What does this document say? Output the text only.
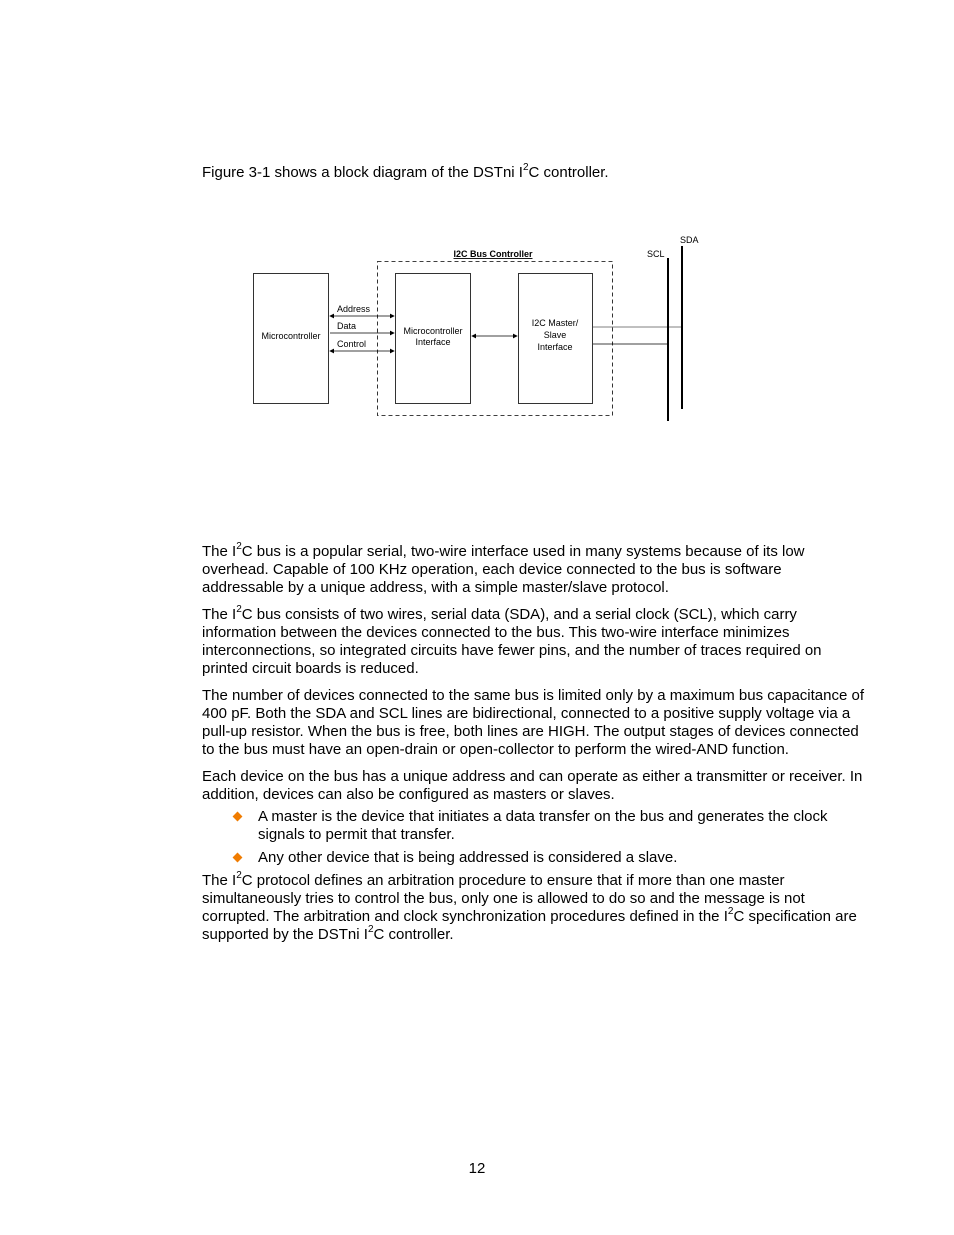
Figure 3-1 shows a block diagram of the DSTni $I^2C$ controller.
I2C Bus Controller
Microcontroller	Microcontroller
Interface
I2C Master/
Slave
Interface
Address
Data
Control
SCL
SDA

The $I^2C$ bus is a popular serial, two-wire interface used in many systems because of its low overhead. Capable of 100 KHz operation, each device connected to the bus is software addressable by a unique address, with a simple master/slave protocol.

The $I^2C$ bus consists of two wires, serial data (SDA), and a serial clock (SCL), which carry information between the devices connected to the bus. This two-wire interface minimizes interconnections, so integrated circuits have fewer pins, and the number of traces required on printed circuit boards is reduced.

The number of devices connected to the same bus is limited only by a maximum bus capacitance of 400 pF. Both the SDA and SCL lines are bidirectional, connected to a positive supply voltage via a pull-up resistor. When the bus is free, both lines are HIGH. The output stages of devices connected to the bus must have an open-drain or open-collector to perform the wired-AND function.

Each device on the bus has a unique address and can operate as either a transmitter or receiver. In addition, devices can also be configured as masters or slaves.

A master is the device that initiates a data transfer on the bus and generates the clock signals to permit that transfer.
Any other device that is being addressed is considered a slave.

The $I^2C$ protocol defines an arbitration procedure to ensure that if more than one master simultaneously tries to control the bus, only one is allowed to do so and the message is not corrupted. The arbitration and clock synchronization procedures defined in the $I^2C$ specification are supported by the DSTni $I^2C$ controller.

12
